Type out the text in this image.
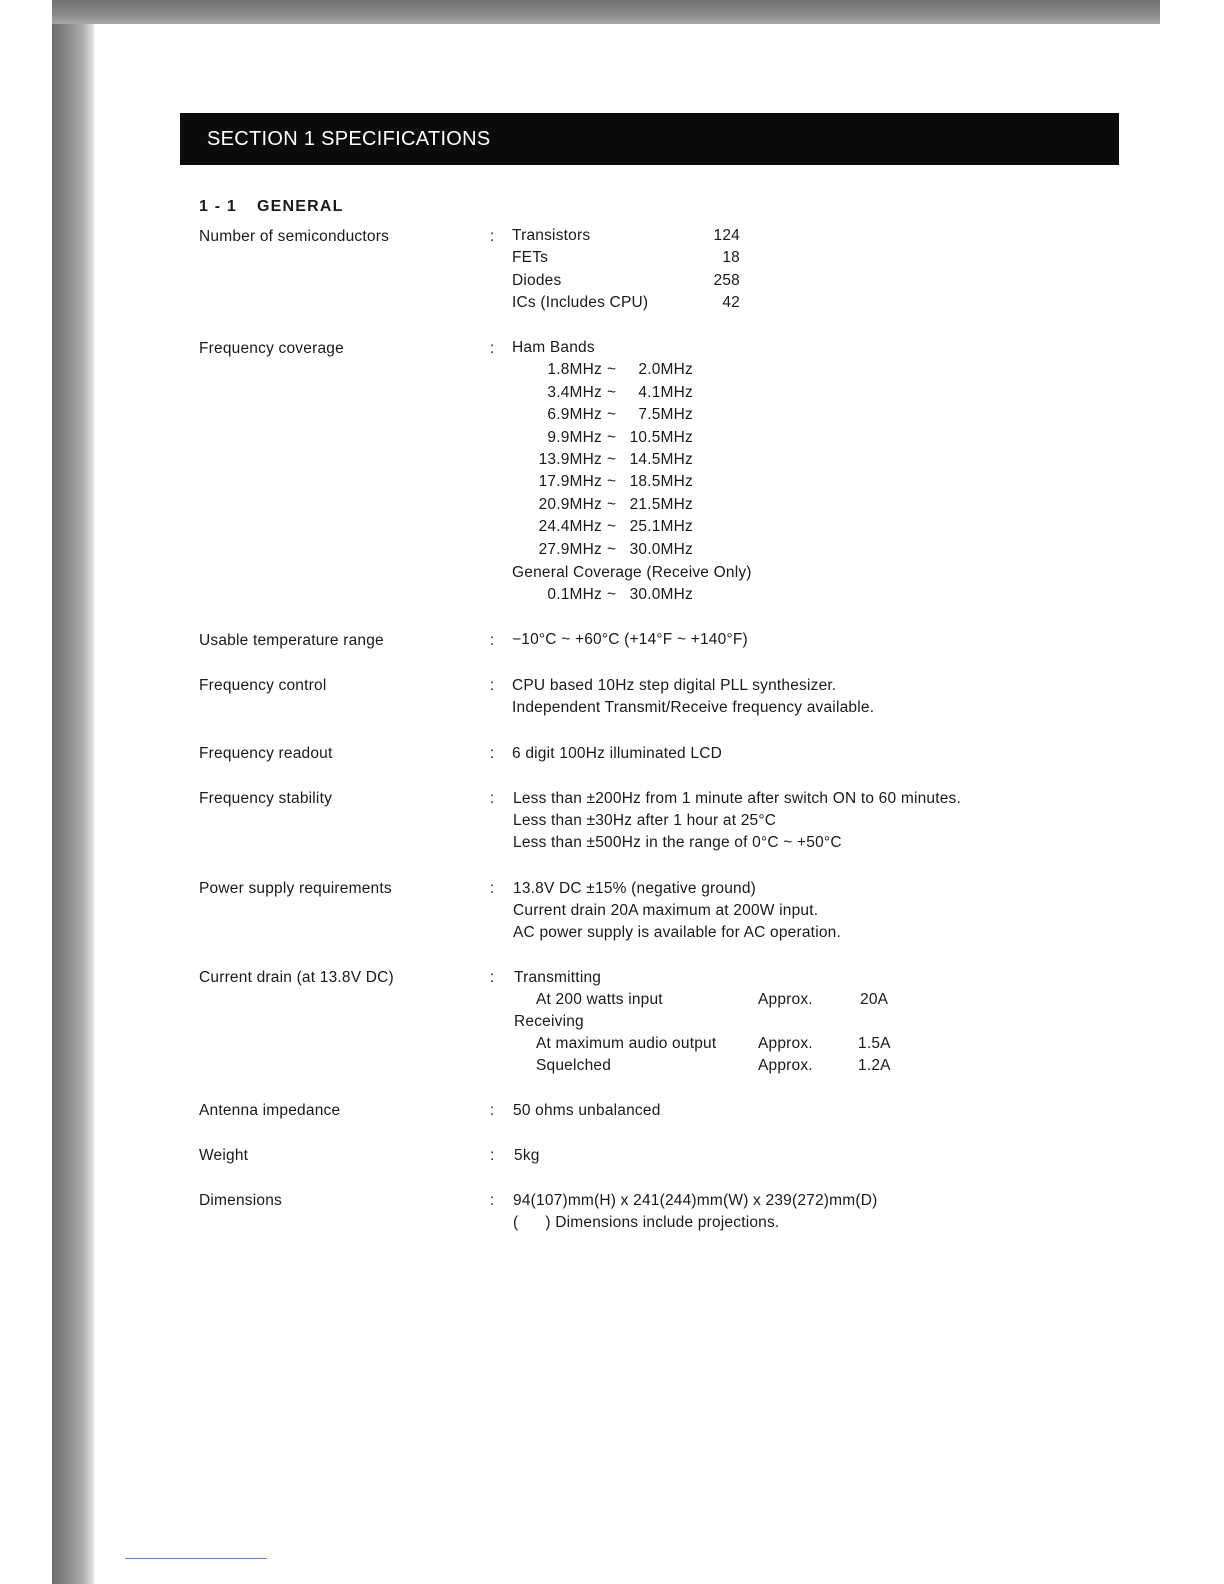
SECTION 1 SPECIFICATIONS
1 - 1 GENERAL
Number of semiconductors	: Transistors	124
FETs	18
Diodes	258
ICs (Includes CPU)	42
Frequency coverage	: Ham Bands
1.8MHz ~	2.0MHz
3.4MHz ~	4.1MHz
6.9MHz ~	7.5MHz
9.9MHz ~ 10.5MHz
13.9MHz ~ 14.5MHz
17.9MHz ~ 18.5MHz
20.9MHz ~ 21.5MHz
24.4MHz ~ 25.1MHz
27.9MHz ~ 30.0MHz
General Coverage (Receive Only)
0.1MHz ~ 30.0MHz
Usable temperature range	: −10°C ~ +60°C (+14°F ~ +140°F)
Frequency control	: CPU based 10Hz step digital PLL synthesizer.
Independent Transmit/Receive frequency available.
Frequency readout	: 6 digit 100Hz illuminated LCD
Frequency stability	: Less than ±200Hz from 1 minute after switch ON to 60 minutes.
Less than ±30Hz after 1 hour at 25°C
Less than ±500Hz in the range of 0°C ~ +50°C
Power supply requirements	: 13.8V DC ±15% (negative ground)
Current drain 20A maximum at 200W input.
AC power supply is available for AC operation.
Current drain (at 13.8V DC)	: Transmitting
At 200 watts input	Approx.	20A
Receiving
At maximum audio output	Approx.	1.5A
Squelched	Approx.	1.2A
Antenna impedance	: 50 ohms unbalanced
Weight	: 5kg
Dimensions	: 94(107)mm(H) x 241(244)mm(W) x 239(272)mm(D)
(      ) Dimensions include projections.
